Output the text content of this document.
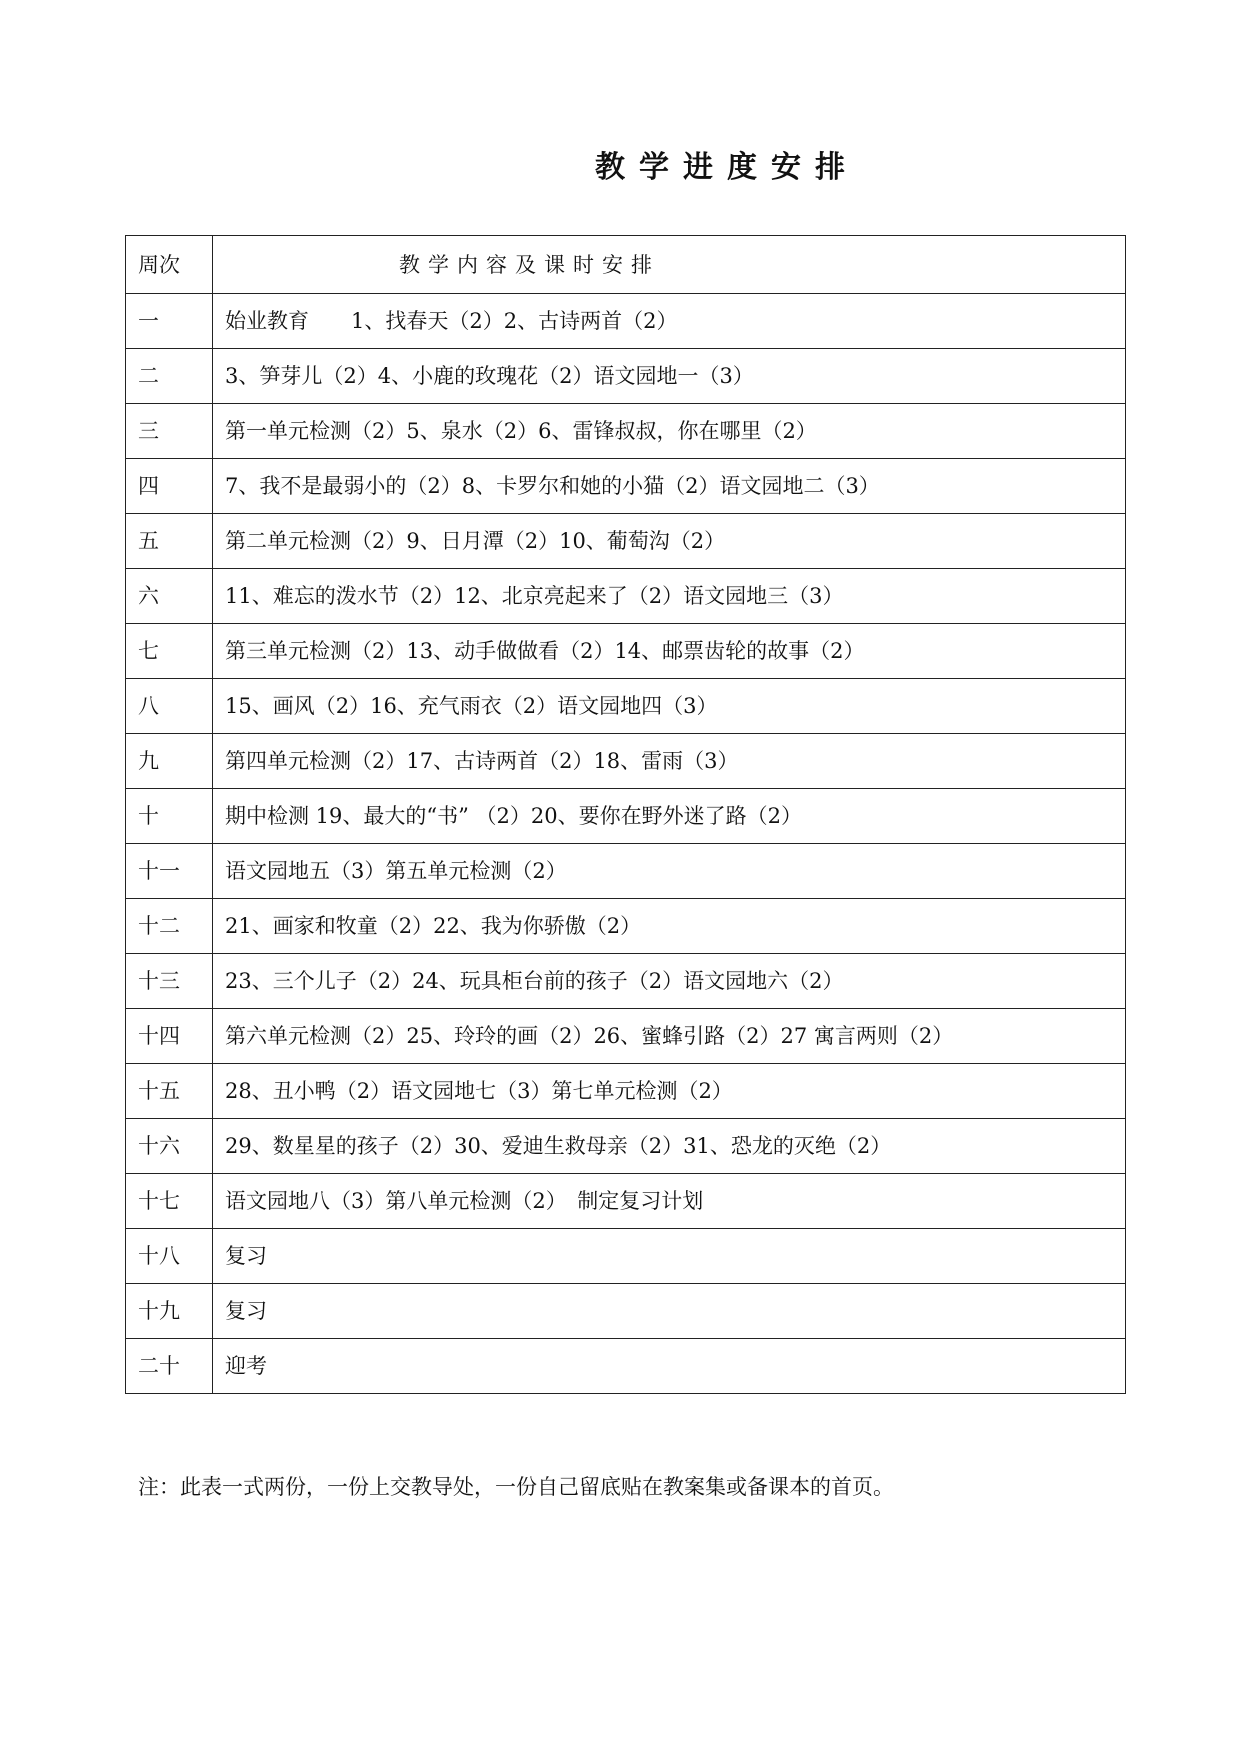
教学进度安排
周次	教学内容及课时安排
一	始业教育　　1、找春天（2）2、古诗两首（2）
二	3、笋芽儿（2）4、小鹿的玫瑰花（2）语文园地一（3）
三	第一单元检测（2）5、泉水（2）6、雷锋叔叔，你在哪里（2）
四	7、我不是最弱小的（2）8、卡罗尔和她的小猫（2）语文园地二（3）
五	第二单元检测（2）9、日月潭（2）10、葡萄沟（2）
六	11、难忘的泼水节（2）12、北京亮起来了（2）语文园地三（3）
七	第三单元检测（2）13、动手做做看（2）14、邮票齿轮的故事（2）
八	15、画风（2）16、充气雨衣（2）语文园地四（3）
九	第四单元检测（2）17、古诗两首（2）18、雷雨（3）
十	期中检测 19、最大的“书” （2）20、要你在野外迷了路（2）
十一	语文园地五（3）第五单元检测（2）
十二	21、画家和牧童（2）22、我为你骄傲（2）
十三	23、三个儿子（2）24、玩具柜台前的孩子（2）语文园地六（2）
十四	第六单元检测（2）25、玲玲的画（2）26、蜜蜂引路（2）27 寓言两则（2）
十五	28、丑小鸭（2）语文园地七（3）第七单元检测（2）
十六	29、数星星的孩子（2）30、爱迪生救母亲（2）31、恐龙的灭绝（2）
十七	语文园地八（3）第八单元检测（2）　制定复习计划
十八	复习
十九	复习
二十	迎考
注：此表一式两份，一份上交教导处，一份自己留底贴在教案集或备课本的首页。
